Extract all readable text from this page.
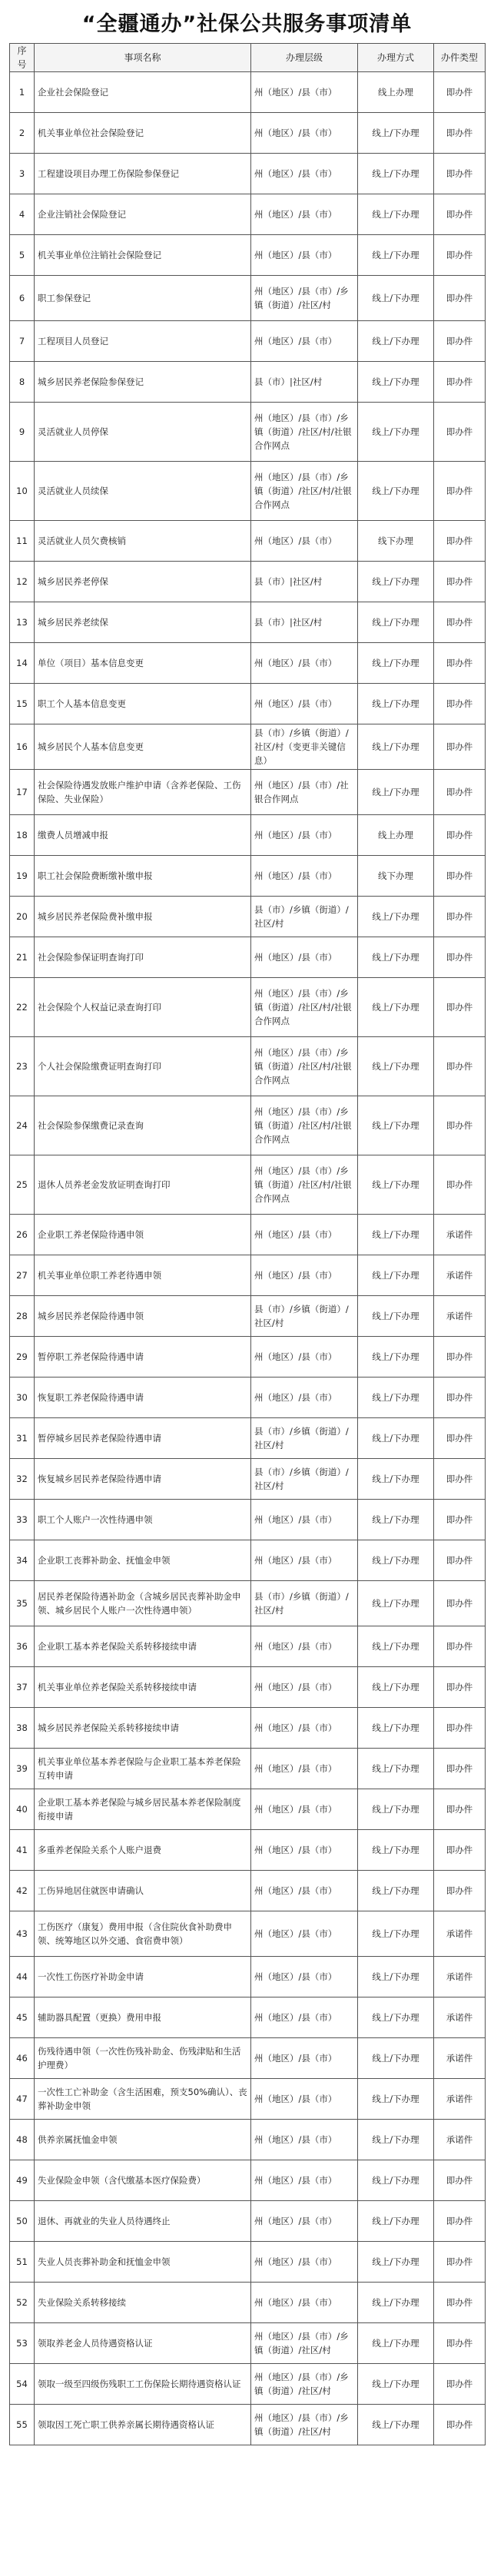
“全疆通办”社保公共服务事项清单
序号	事项名称	办理层级	办理方式	办件类型
1	企业社会保险登记	州（地区）/县（市）	线上办理	即办件
2	机关事业单位社会保险登记	州（地区）/县（市）	线上/下办理	即办件
3	工程建设项目办理工伤保险参保登记	州（地区）/县（市）	线上/下办理	即办件
4	企业注销社会保险登记	州（地区）/县（市）	线上/下办理	即办件
5	机关事业单位注销社会保险登记	州（地区）/县（市）	线上/下办理	即办件
6	职工参保登记	州（地区）/县（市）/乡镇（街道）/社区/村	线上/下办理	即办件
7	工程项目人员登记	州（地区）/县（市）	线上/下办理	即办件
8	城乡居民养老保险参保登记	县（市）|社区/村	线上/下办理	即办件
9	灵活就业人员停保	州（地区）/县（市）/乡镇（街道）/社区/村/社银合作网点	线上/下办理	即办件
10	灵活就业人员续保	州（地区）/县（市）/乡镇（街道）/社区/村/社银合作网点	线上/下办理	即办件
11	灵活就业人员欠费核销	州（地区）/县（市）	线下办理	即办件
12	城乡居民养老停保	县（市）|社区/村	线上/下办理	即办件
13	城乡居民养老续保	县（市）|社区/村	线上/下办理	即办件
14	单位（项目）基本信息变更	州（地区）/县（市）	线上/下办理	即办件
15	职工个人基本信息变更	州（地区）/县（市）	线上/下办理	即办件
16	城乡居民个人基本信息变更	县（市）/乡镇（街道）/社区/村（变更非关键信息）	线上/下办理	即办件
17	社会保险待遇发放账户维护申请（含养老保险、工伤保险、失业保险）	州（地区）/县（市）/社银合作网点	线上/下办理	即办件
18	缴费人员增减申报	州（地区）/县（市）	线上办理	即办件
19	职工社会保险费断缴补缴申报	州（地区）/县（市）	线下办理	即办件
20	城乡居民养老保险费补缴申报	县（市）/乡镇（街道）/社区/村	线上/下办理	即办件
21	社会保险参保证明查询打印	州（地区）/县（市）	线上/下办理	即办件
22	社会保险个人权益记录查询打印	州（地区）/县（市）/乡镇（街道）/社区/村/社银合作网点	线上/下办理	即办件
23	个人社会保险缴费证明查询打印	州（地区）/县（市）/乡镇（街道）/社区/村/社银合作网点	线上/下办理	即办件
24	社会保险参保缴费记录查询	州（地区）/县（市）/乡镇（街道）/社区/村/社银合作网点	线上/下办理	即办件
25	退休人员养老金发放证明查询打印	州（地区）/县（市）/乡镇（街道）/社区/村/社银合作网点	线上/下办理	即办件
26	企业职工养老保险待遇申领	州（地区）/县（市）	线上/下办理	承诺件
27	机关事业单位职工养老待遇申领	州（地区）/县（市）	线上/下办理	承诺件
28	城乡居民养老保险待遇申领	县（市）/乡镇（街道）/社区/村	线上/下办理	承诺件
29	暂停职工养老保险待遇申请	州（地区）/县（市）	线上/下办理	即办件
30	恢复职工养老保险待遇申请	州（地区）/县（市）	线上/下办理	即办件
31	暂停城乡居民养老保险待遇申请	县（市）/乡镇（街道）/社区/村	线上/下办理	即办件
32	恢复城乡居民养老保险待遇申请	县（市）/乡镇（街道）/社区/村	线上/下办理	即办件
33	职工个人账户一次性待遇申领	州（地区）/县（市）	线上/下办理	即办件
34	企业职工丧葬补助金、抚恤金申领	州（地区）/县（市）	线上/下办理	即办件
35	居民养老保险待遇补助金（含城乡居民丧葬补助金申领、城乡居民个人账户一次性待遇申领）	县（市）/乡镇（街道）/社区/村	线上/下办理	即办件
36	企业职工基本养老保险关系转移接续申请	州（地区）/县（市）	线上/下办理	即办件
37	机关事业单位养老保险关系转移接续申请	州（地区）/县（市）	线上/下办理	即办件
38	城乡居民养老保险关系转移接续申请	州（地区）/县（市）	线上/下办理	即办件
39	机关事业单位基本养老保险与企业职工基本养老保险互转申请	州（地区）/县（市）	线上/下办理	即办件
40	企业职工基本养老保险与城乡居民基本养老保险制度衔接申请	州（地区）/县（市）	线上/下办理	即办件
41	多重养老保险关系个人账户退费	州（地区）/县（市）	线上/下办理	即办件
42	工伤异地居住就医申请确认	州（地区）/县（市）	线上/下办理	即办件
43	工伤医疗（康复）费用申报（含住院伙食补助费申领、统筹地区以外交通、食宿费申领）	州（地区）/县（市）	线上/下办理	承诺件
44	一次性工伤医疗补助金申请	州（地区）/县（市）	线上/下办理	承诺件
45	辅助器具配置（更换）费用申报	州（地区）/县（市）	线上/下办理	承诺件
46	伤残待遇申领（一次性伤残补助金、伤残津贴和生活护理费）	州（地区）/县（市）	线上/下办理	承诺件
47	一次性工亡补助金（含生活困难，预支50%确认）、丧葬补助金申领	州（地区）/县（市）	线上/下办理	承诺件
48	供养亲属抚恤金申领	州（地区）/县（市）	线上/下办理	承诺件
49	失业保险金申领（含代缴基本医疗保险费）	州（地区）/县（市）	线上/下办理	即办件
50	退休、再就业的失业人员待遇终止	州（地区）/县（市）	线上/下办理	即办件
51	失业人员丧葬补助金和抚恤金申领	州（地区）/县（市）	线上/下办理	即办件
52	失业保险关系转移接续	州（地区）/县（市）	线上/下办理	即办件
53	领取养老金人员待遇资格认证	州（地区）/县（市）/乡镇（街道）/社区/村	线上/下办理	即办件
54	领取一级至四级伤残职工工伤保险长期待遇资格认证	州（地区）/县（市）/乡镇（街道）/社区/村	线上/下办理	即办件
55	领取因工死亡职工供养亲属长期待遇资格认证	州（地区）/县（市）/乡镇（街道）/社区/村	线上/下办理	即办件
